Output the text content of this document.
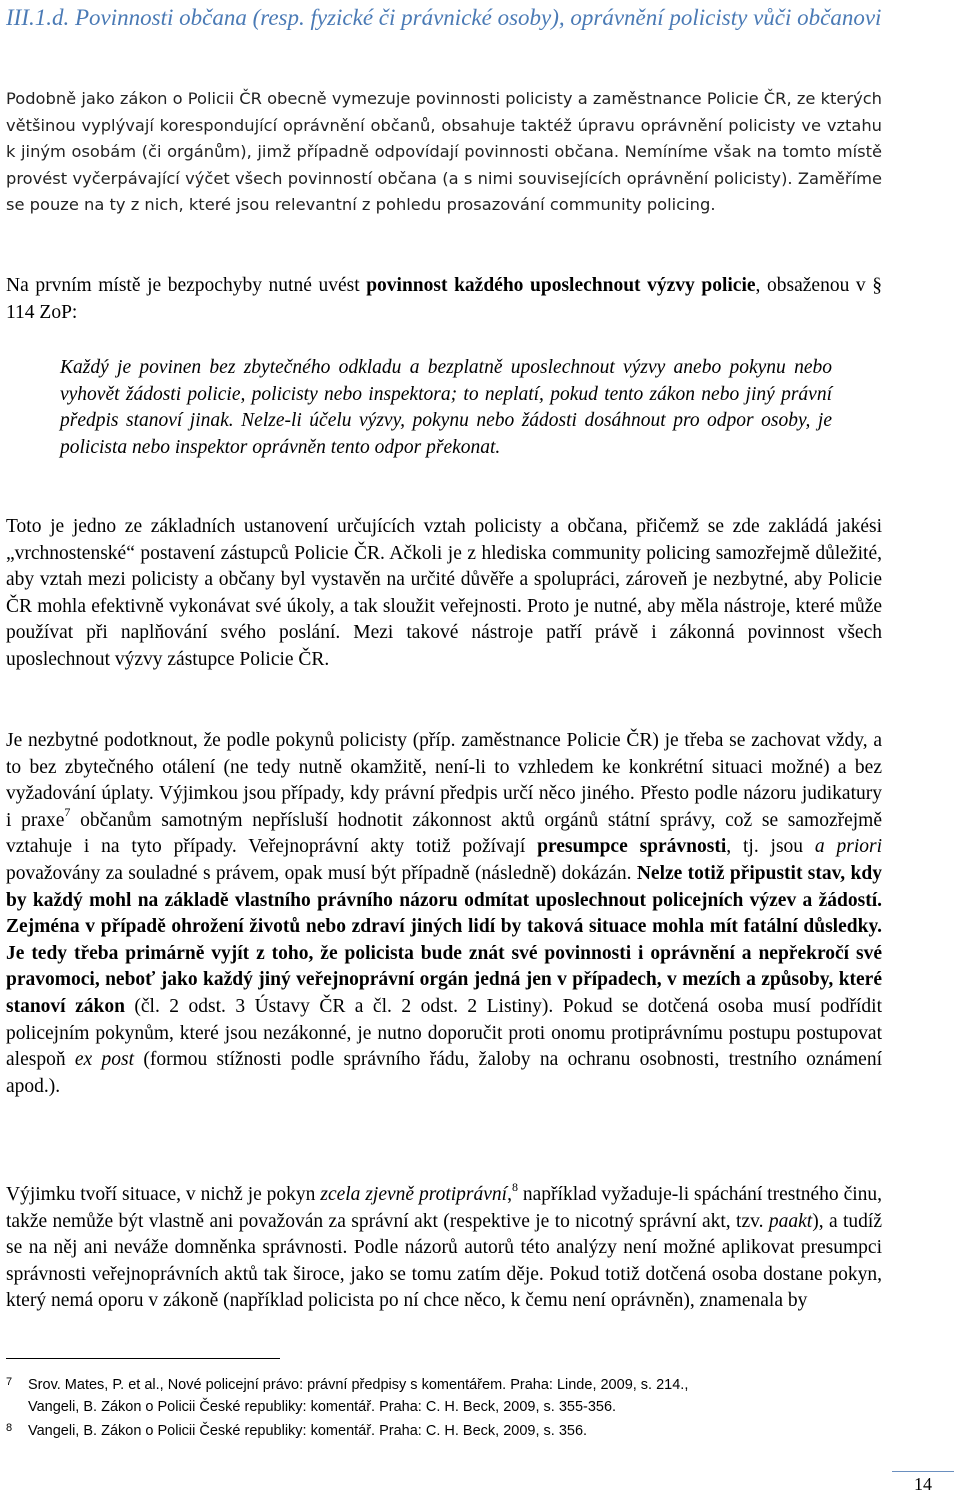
III.1.d. Povinnosti občana (resp. fyzické či právnické osoby), oprávnění policisty vůči občanovi

Podobně jako zákon o Policii ČR obecně vymezuje povinnosti policisty a zaměstnance Policie ČR, ze kterých většinou vyplývají korespondující oprávnění občanů, obsahuje taktéž úpravu oprávnění policisty ve vztahu k jiným osobám (či orgánům), jimž případně odpovídají povinnosti občana. Nemíníme však na tomto místě provést vyčerpávající výčet všech povinností občana (a s nimi souvisejících oprávnění policisty). Zaměříme se pouze na ty z nich, které jsou relevantní z pohledu prosazování community policing.

Na prvním místě je bezpochyby nutné uvést povinnost každého uposlechnout výzvy policie, obsaženou v § 114 ZoP:

Každý je povinen bez zbytečného odkladu a bezplatně uposlechnout výzvy anebo pokynu nebo vyhovět žádosti policie, policisty nebo inspektora; to neplatí, pokud tento zákon nebo jiný právní předpis stanoví jinak. Nelze-li účelu výzvy, pokynu nebo žádosti dosáhnout pro odpor osoby, je policista nebo inspektor oprávněn tento odpor překonat.

Toto je jedno ze základních ustanovení určujících vztah policisty a občana, přičemž se zde zakládá jakési „vrchnostenské“ postavení zástupců Policie ČR. Ačkoli je z hlediska community policing samozřejmě důležité, aby vztah mezi policisty a občany byl vystavěn na určité důvěře a spolupráci, zároveň je nezbytné, aby Policie ČR mohla efektivně vykonávat své úkoly, a tak sloužit veřejnosti. Proto je nutné, aby měla nástroje, které může používat při naplňování svého poslání. Mezi takové nástroje patří právě i zákonná povinnost všech uposlechnout výzvy zástupce Policie ČR.

Je nezbytné podotknout, že podle pokynů policisty (příp. zaměstnance Policie ČR) je třeba se zachovat vždy, a to bez zbytečného otálení (ne tedy nutně okamžitě, není-li to vzhledem ke konkrétní situaci možné) a bez vyžadování úplaty. Výjimkou jsou případy, kdy právní předpis určí něco jiného. Přesto podle názoru judikatury i praxe$^7$ občanům samotným nepřísluší hodnotit zákonnost aktů orgánů státní správy, což se samozřejmě vztahuje i na tyto případy. Veřejnoprávní akty totiž požívají presumpce správnosti, tj. jsou a priori považovány za souladné s právem, opak musí být případně (následně) dokázán. Nelze totiž připustit stav, kdy by každý mohl na základě vlastního právního názoru odmítat uposlechnout policejních výzev a žádostí. Zejména v případě ohrožení životů nebo zdraví jiných lidí by taková situace mohla mít fatální důsledky. Je tedy třeba primárně vyjít z toho, že policista bude znát své povinnosti i oprávnění a nepřekročí své pravomoci, neboť jako každý jiný veřejnoprávní orgán jedná jen v případech, v mezích a způsoby, které stanoví zákon (čl. 2 odst. 3 Ústavy ČR a čl. 2 odst. 2 Listiny). Pokud se dotčená osoba musí podřídit policejním pokynům, které jsou nezákonné, je nutno doporučit proti onomu protiprávnímu postupu postupovat alespoň ex post (formou stížnosti podle správního řádu, žaloby na ochranu osobnosti, trestního oznámení apod.).

Výjimku tvoří situace, v nichž je pokyn zcela zjevně protiprávní,$^8$ například vyžaduje-li spáchání trestného činu, takže nemůže být vlastně ani považován za správní akt (respektive je to nicotný správní akt, tzv. paakt), a tudíž se na něj ani neváže domněnka správnosti. Podle názorů autorů této analýzy není možné aplikovat presumpci správnosti veřejnoprávních aktů tak široce, jako se tomu zatím děje. Pokud totiž dotčená osoba dostane pokyn, který nemá oporu v zákoně (například policista po ní chce něco, k čemu není oprávněn), znamenala by

7 Srov. Mates, P. et al., Nové policejní právo: právní předpisy s komentářem. Praha: Linde, 2009, s. 214.,
Vangeli, B. Zákon o Policii České republiky: komentář. Praha: C. H. Beck, 2009, s. 355-356.

8 Vangeli, B. Zákon o Policii České republiky: komentář. Praha: C. H. Beck, 2009, s. 356.

14
